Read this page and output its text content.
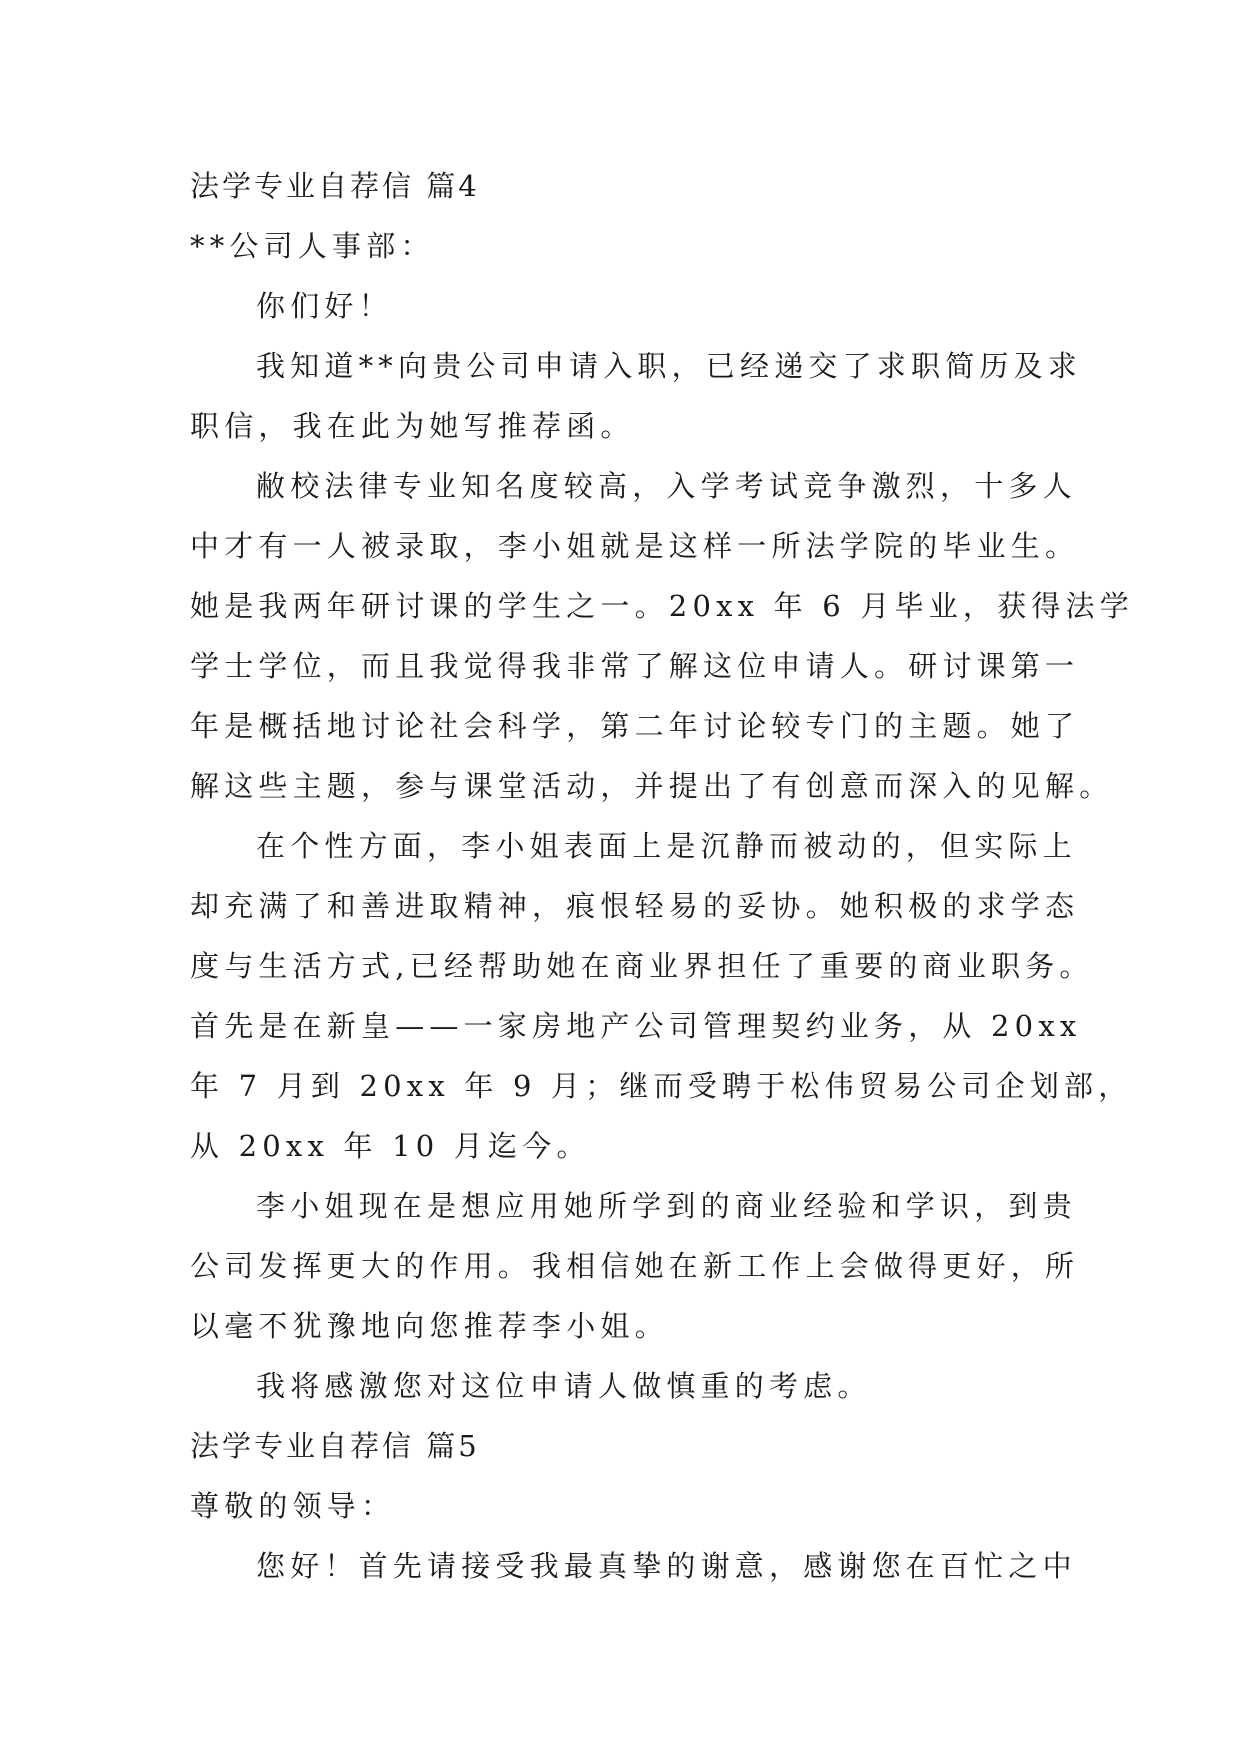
法学专业自荐信 篇4
**公司人事部：
你们好！
我知道**向贵公司申请入职，已经递交了求职简历及求
职信，我在此为她写推荐函。
敝校法律专业知名度较高，入学考试竞争激烈，十多人
中才有一人被录取，李小姐就是这样一所法学院的毕业生。
她是我两年研讨课的学生之一。20xx 年 6 月毕业，获得法学
学士学位，而且我觉得我非常了解这位申请人。研讨课第一
年是概括地讨论社会科学，第二年讨论较专门的主题。她了
解这些主题，参与课堂活动，并提出了有创意而深入的见解。
在个性方面，李小姐表面上是沉静而被动的，但实际上
却充满了和善进取精神，痕恨轻易的妥协。她积极的求学态
度与生活方式,已经帮助她在商业界担任了重要的商业职务。
首先是在新皇——一家房地产公司管理契约业务，从 20xx
年 7 月到 20xx 年 9 月；继而受聘于松伟贸易公司企划部，
从 20xx 年 10 月迄今。
李小姐现在是想应用她所学到的商业经验和学识，到贵
公司发挥更大的作用。我相信她在新工作上会做得更好，所
以毫不犹豫地向您推荐李小姐。
我将感激您对这位申请人做慎重的考虑。
法学专业自荐信 篇5
尊敬的领导：
您好！首先请接受我最真挚的谢意，感谢您在百忙之中
